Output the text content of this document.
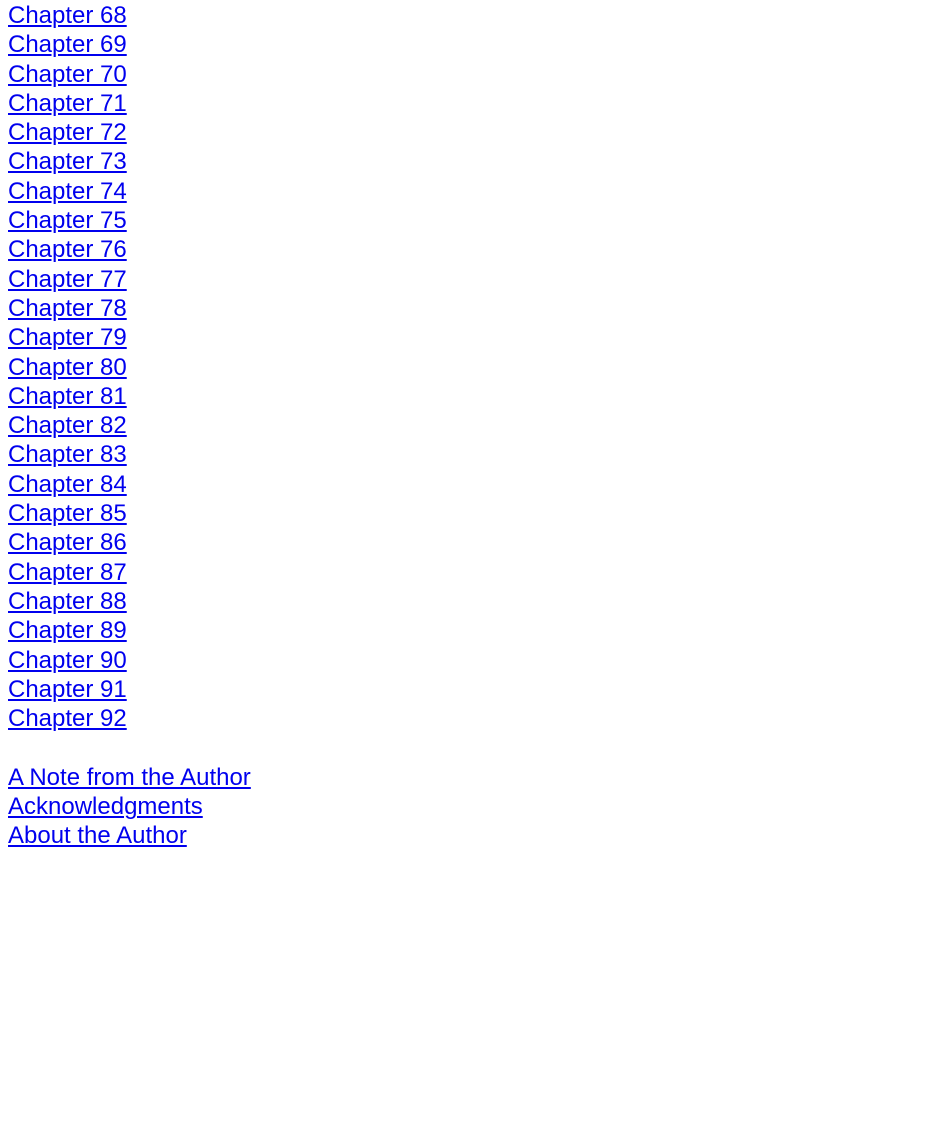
Chapter 68
Chapter 69
Chapter 70
Chapter 71
Chapter 72
Chapter 73
Chapter 74
Chapter 75
Chapter 76
Chapter 77
Chapter 78
Chapter 79
Chapter 80
Chapter 81
Chapter 82
Chapter 83
Chapter 84
Chapter 85
Chapter 86
Chapter 87
Chapter 88
Chapter 89
Chapter 90
Chapter 91
Chapter 92
A Note from the Author
Acknowledgments
About the Author
